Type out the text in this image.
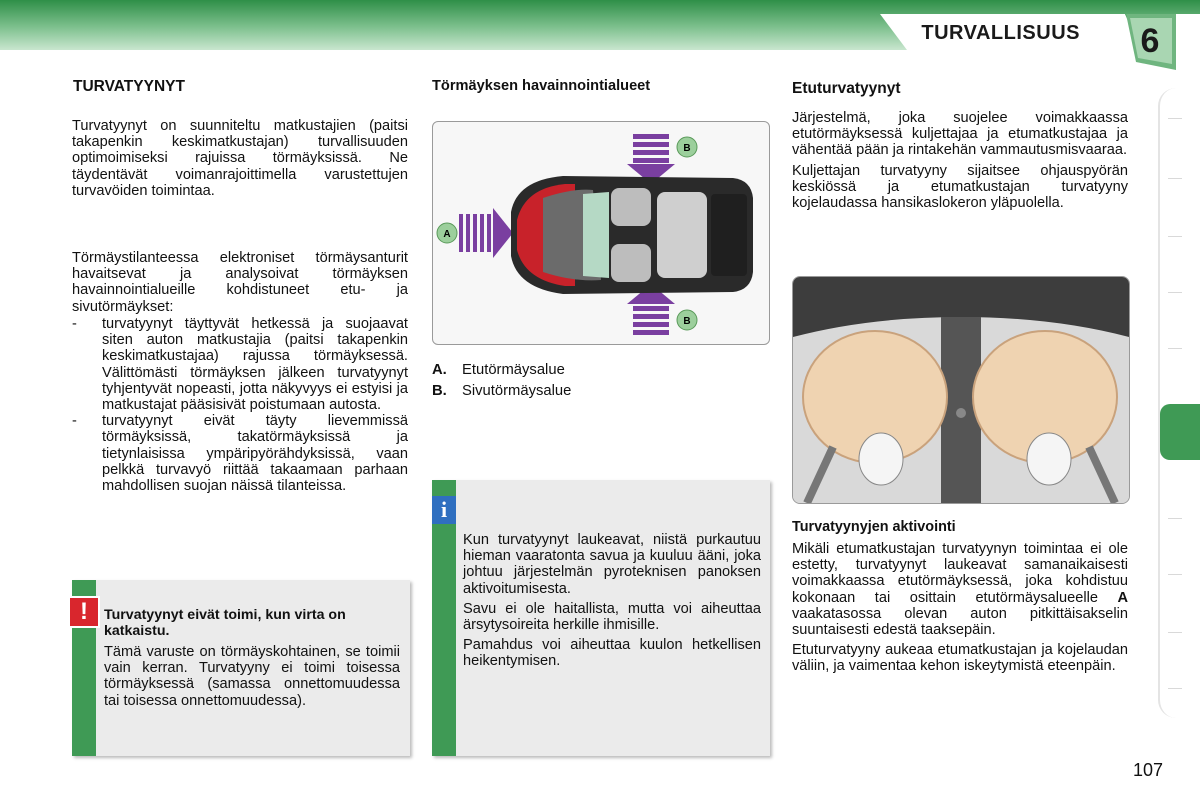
TURVALLISUUS	6
TURVATYYNYT
Turvatyynyt on suunniteltu matkustajien (paitsi takapenkin keskimatkustajan) turvallisuuden optimoimiseksi rajuissa törmäyksissä. Ne täydentävät voimanrajoittimella varustettujen turvavöiden toimintaa.
Törmäystilanteessa elektroniset törmäysanturit havaitsevat ja analysoivat törmäyksen havainnointialueille kohdistuneet etu- ja sivutörmäykset:
- turvatyynyt täyttyvät hetkessä ja suojaavat siten auton matkustajia (paitsi takapenkin keskimatkustajaa) rajussa törmäyksessä. Välittömästi törmäyksen jälkeen turvatyynyt tyhjentyvät nopeasti, jotta näkyvyys ei estyisi ja matkustajat pääsisivät poistumaan autosta.
- turvatyynyt eivät täyty lievemmissä törmäyksissä, takatörmäyksissä ja tietynlaisissa ympäripyörähdyksissä, vaan pelkkä turvavyö riittää takaamaan parhaan mahdollisen suojan näissä tilanteissa.
!	Turvatyynyt eivät toimi, kun virta on katkaistu.
Tämä varuste on törmäyskohtainen, se toimii vain kerran. Turvatyyny ei toimi toisessa törmäyksessä (samassa onnettomuudessa tai toisessa onnettomuudessa).
Törmäyksen havainnointialueet
A
B
B
A. Etutörmäysalue
B. Sivutörmäysalue
i

Kun turvatyynyt laukeavat, niistä purkautuu hieman vaaratonta savua ja kuuluu ääni, joka johtuu järjestelmän pyroteknisen panoksen aktivoitumisesta.

Savu ei ole haitallista, mutta voi aiheuttaa ärsytysoireita herkille ihmisille.

Pamahdus voi aiheuttaa kuulon hetkellisen heikentymisen.

Etuturvatyynyt

Järjestelmä, joka suojelee voimakkaassa etutörmäyksessä kuljettajaa ja etumatkustajaa ja vähentää pään ja rintakehän vammautusmisvaaraa.

Kuljettajan turvatyyny sijaitsee ohjauspyörän keskiössä ja etumatkustajan turvatyyny kojelaudassa hansikaslokeron yläpuolella.

Turvatyynyjen aktivointi

Mikäli etumatkustajan turvatyynyn toimintaa ei ole estetty, turvatyynyt laukeavat samanaikaisesti voimakkaassa etutörmäyksessä, joka kohdistuu kokonaan tai osittain etutörmäysalueelle A vaakatasossa olevan auton pitkittäisakselin suuntaisesti edestä taaksepäin.

Etuturvatyyny aukeaa etumatkustajan ja kojelaudan väliin, ja vaimentaa kehon iskeytymistä eteenpäin.

107
